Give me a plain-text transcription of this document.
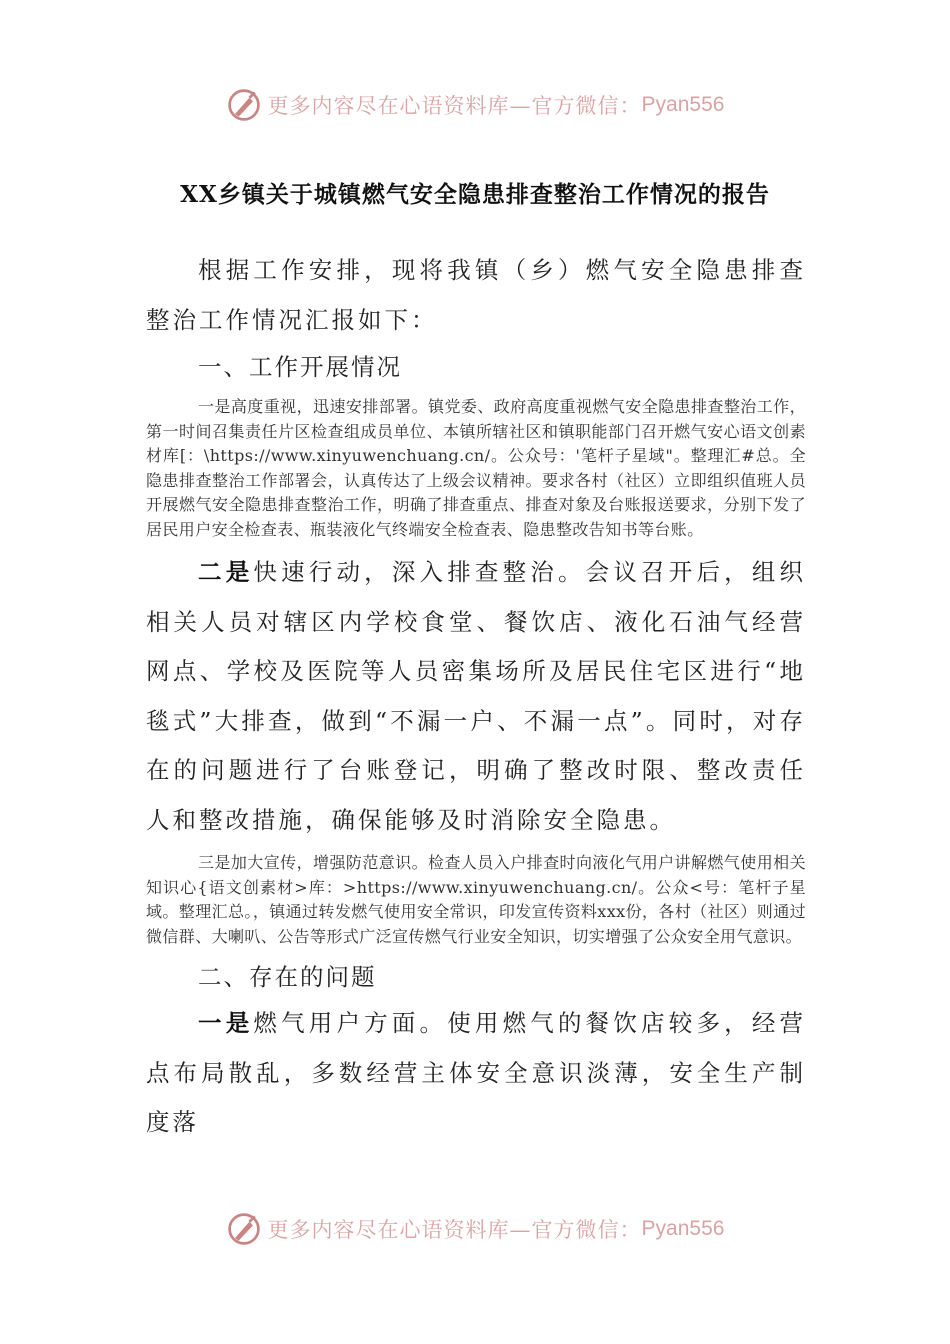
更多内容尽在心语资料库—官方微信： Pyan556
XX乡镇关于城镇燃气安全隐患排查整治工作情况的报告

根据工作安排，现将我镇（乡）燃气安全隐患排查整治工作情况汇报如下：

一、工作开展情况

一是高度重视，迅速安排部署。镇党委、政府高度重视燃气安全隐患排查整治工作，第一时间召集责任片区检查组成员单位、本镇所辖社区和镇职能部门召开燃气安心语文创素材库[：\https://www.xinyuwenchuang.cn/。公众号：'笔杆子星域"。整理汇#总。全隐患排查整治工作部署会，认真传达了上级会议精神。要求各村（社区）立即组织值班人员开展燃气安全隐患排查整治工作，明确了排查重点、排查对象及台账报送要求，分别下发了居民用户安全检查表、瓶装液化气终端安全检查表、隐患整改告知书等台账。

二是快速行动，深入排查整治。会议召开后，组织相关人员对辖区内学校食堂、餐饮店、液化石油气经营网点、学校及医院等人员密集场所及居民住宅区进行“地毯式”大排查，做到“不漏一户、不漏一点”。同时，对存在的问题进行了台账登记，明确了整改时限、整改责任人和整改措施，确保能够及时消除安全隐患。

三是加大宣传，增强防范意识。检查人员入户排查时向液化气用户讲解燃气使用相关知识心{语文创素材>库：>https://www.xinyuwenchuang.cn/。公众<号：笔杆子星域。整理汇总。，镇通过转发燃气使用安全常识，印发宣传资料xxx份，各村（社区）则通过微信群、大喇叭、公告等形式广泛宣传燃气行业安全知识，切实增强了公众安全用气意识。

二、存在的问题

一是燃气用户方面。使用燃气的餐饮店较多，经营点布局散乱，多数经营主体安全意识淡薄，安全生产制度落

更多内容尽在心语资料库—官方微信： Pyan556
